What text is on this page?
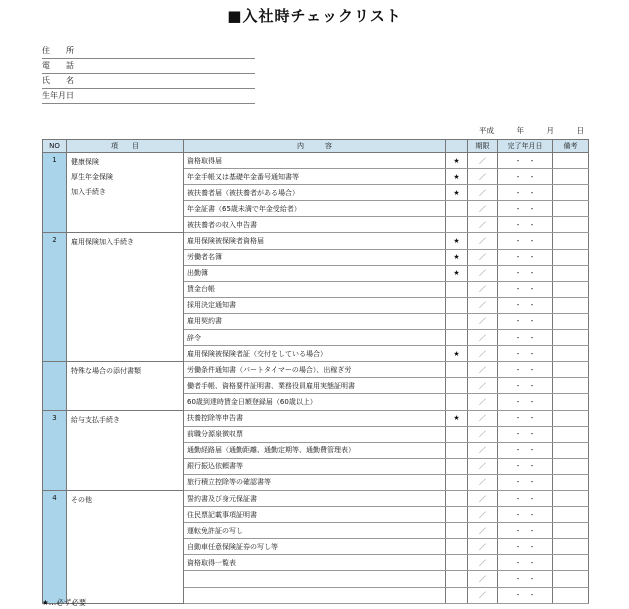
■入社時チェックリスト
住　　所
電　　話
氏　　名
生年月日
平成　　　年　　　月　　　日
NO	項　　目	内　　　容		期限	完了年月日	備考
1	健康保険
厚生年金保険
加入手続き	資格取得届	★	／	・　・	
		年金手帳又は基礎年金番号通知書等	★	／	・　・	
		被扶養者届（被扶養者がある場合）	★	／	・　・	
		年金証書（65歳未満で年金受給者）		／	・　・	
		被扶養者の収入申告書		／	・　・	
2	雇用保険加入手続き	雇用保険被保険者資格届	★	／	・　・	
		労働者名簿	★	／	・　・	
		出勤簿	★	／	・　・	
		賃金台帳		／	・　・	
		採用決定通知書		／	・　・	
		雇用契約書		／	・　・	
		辞令		／	・　・	
		雇用保険被保険者証（交付をしている場合）	★	／	・　・	

	特殊な場合の添付書類	労働条件通知書（パートタイマーの場合）、出稼ぎ労		／	・　・	
		働者手帳、資格要件証明書、業務役員雇用実態証明書		／	・　・	
		60歳到達時賃金日額登録届（60歳以上）		／	・　・	
3	給与支払手続き	扶養控除等申告書	★	／	・　・	
		前職分源泉徴収票		／	・　・	
		通勤経路届（通勤距離、通勤定期等、通勤費管理表）		／	・　・	
		銀行振込依頼書等		／	・　・	
		旅行積立控除等の確認書等		／	・　・	
4	その他	誓約書及び身元保証書		／	・　・	
		住民票記載事項証明書		／	・　・	
		運転免許証の写し		／	・　・	
		自動車任意保険証券の写し等		／	・　・	
		資格取得一覧表		／	・　・	
				／	・　・	
				／	・　・	
★…必ず必要
